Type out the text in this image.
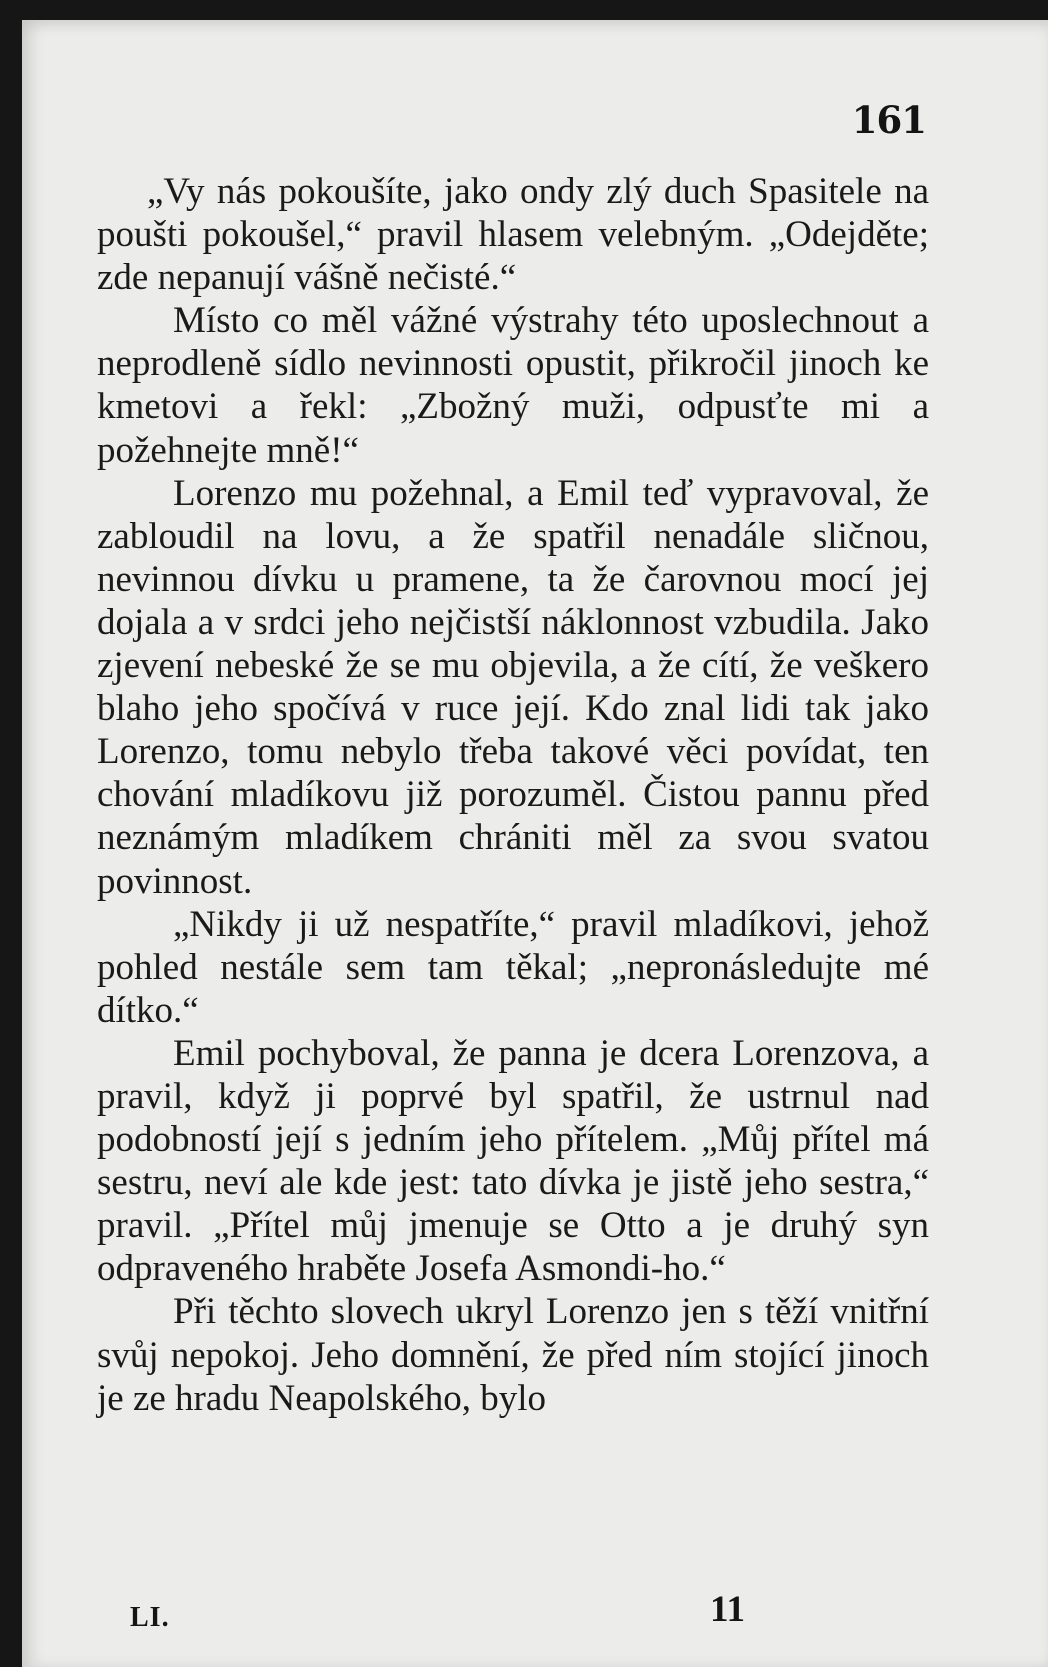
161

„Vy nás pokoušíte, jako ondy zlý duch Spasitele na poušti pokoušel,“ pravil hlasem velebným. „Odejděte; zde nepanují vášně nečisté.“

Místo co měl vážné výstrahy této uposlechnout a neprodleně sídlo nevinnosti opustit, přikročil jinoch ke kmetovi a řekl: „Zbožný muži, odpusťte mi a požehnejte mně!“

Lorenzo mu požehnal, a Emil teď vypravoval, že zabloudil na lovu, a že spatřil nenadále sličnou, nevinnou dívku u pramene, ta že čarovnou mocí jej dojala a v srdci jeho nejčistší náklonnost vzbudila. Jako zjevení nebeské že se mu objevila, a že cítí, že veškero blaho jeho spočívá v ruce její. Kdo znal lidi tak jako Lorenzo, tomu nebylo třeba takové věci povídat, ten chování mladíkovu již porozuměl. Čistou pannu před neznámým mladíkem chrániti měl za svou svatou povinnost.

„Nikdy ji už nespatříte,“ pravil mladíkovi, jehož pohled nestále sem tam těkal; „nepronásledujte mé dítko.“

Emil pochyboval, že panna je dcera Lorenzova, a pravil, když ji poprvé byl spatřil, že ustrnul nad podobností její s jedním jeho přítelem. „Můj přítel má sestru, neví ale kde jest: tato dívka je jistě jeho sestra,“ pravil. „Přítel můj jmenuje se Otto a je druhý syn odpraveného hraběte Josefa Asmondi-ho.“

Při těchto slovech ukryl Lorenzo jen s těží vnitřní svůj nepokoj. Jeho domnění, že před ním stojící jinoch je ze hradu Neapolského, bylo

LI.	11
